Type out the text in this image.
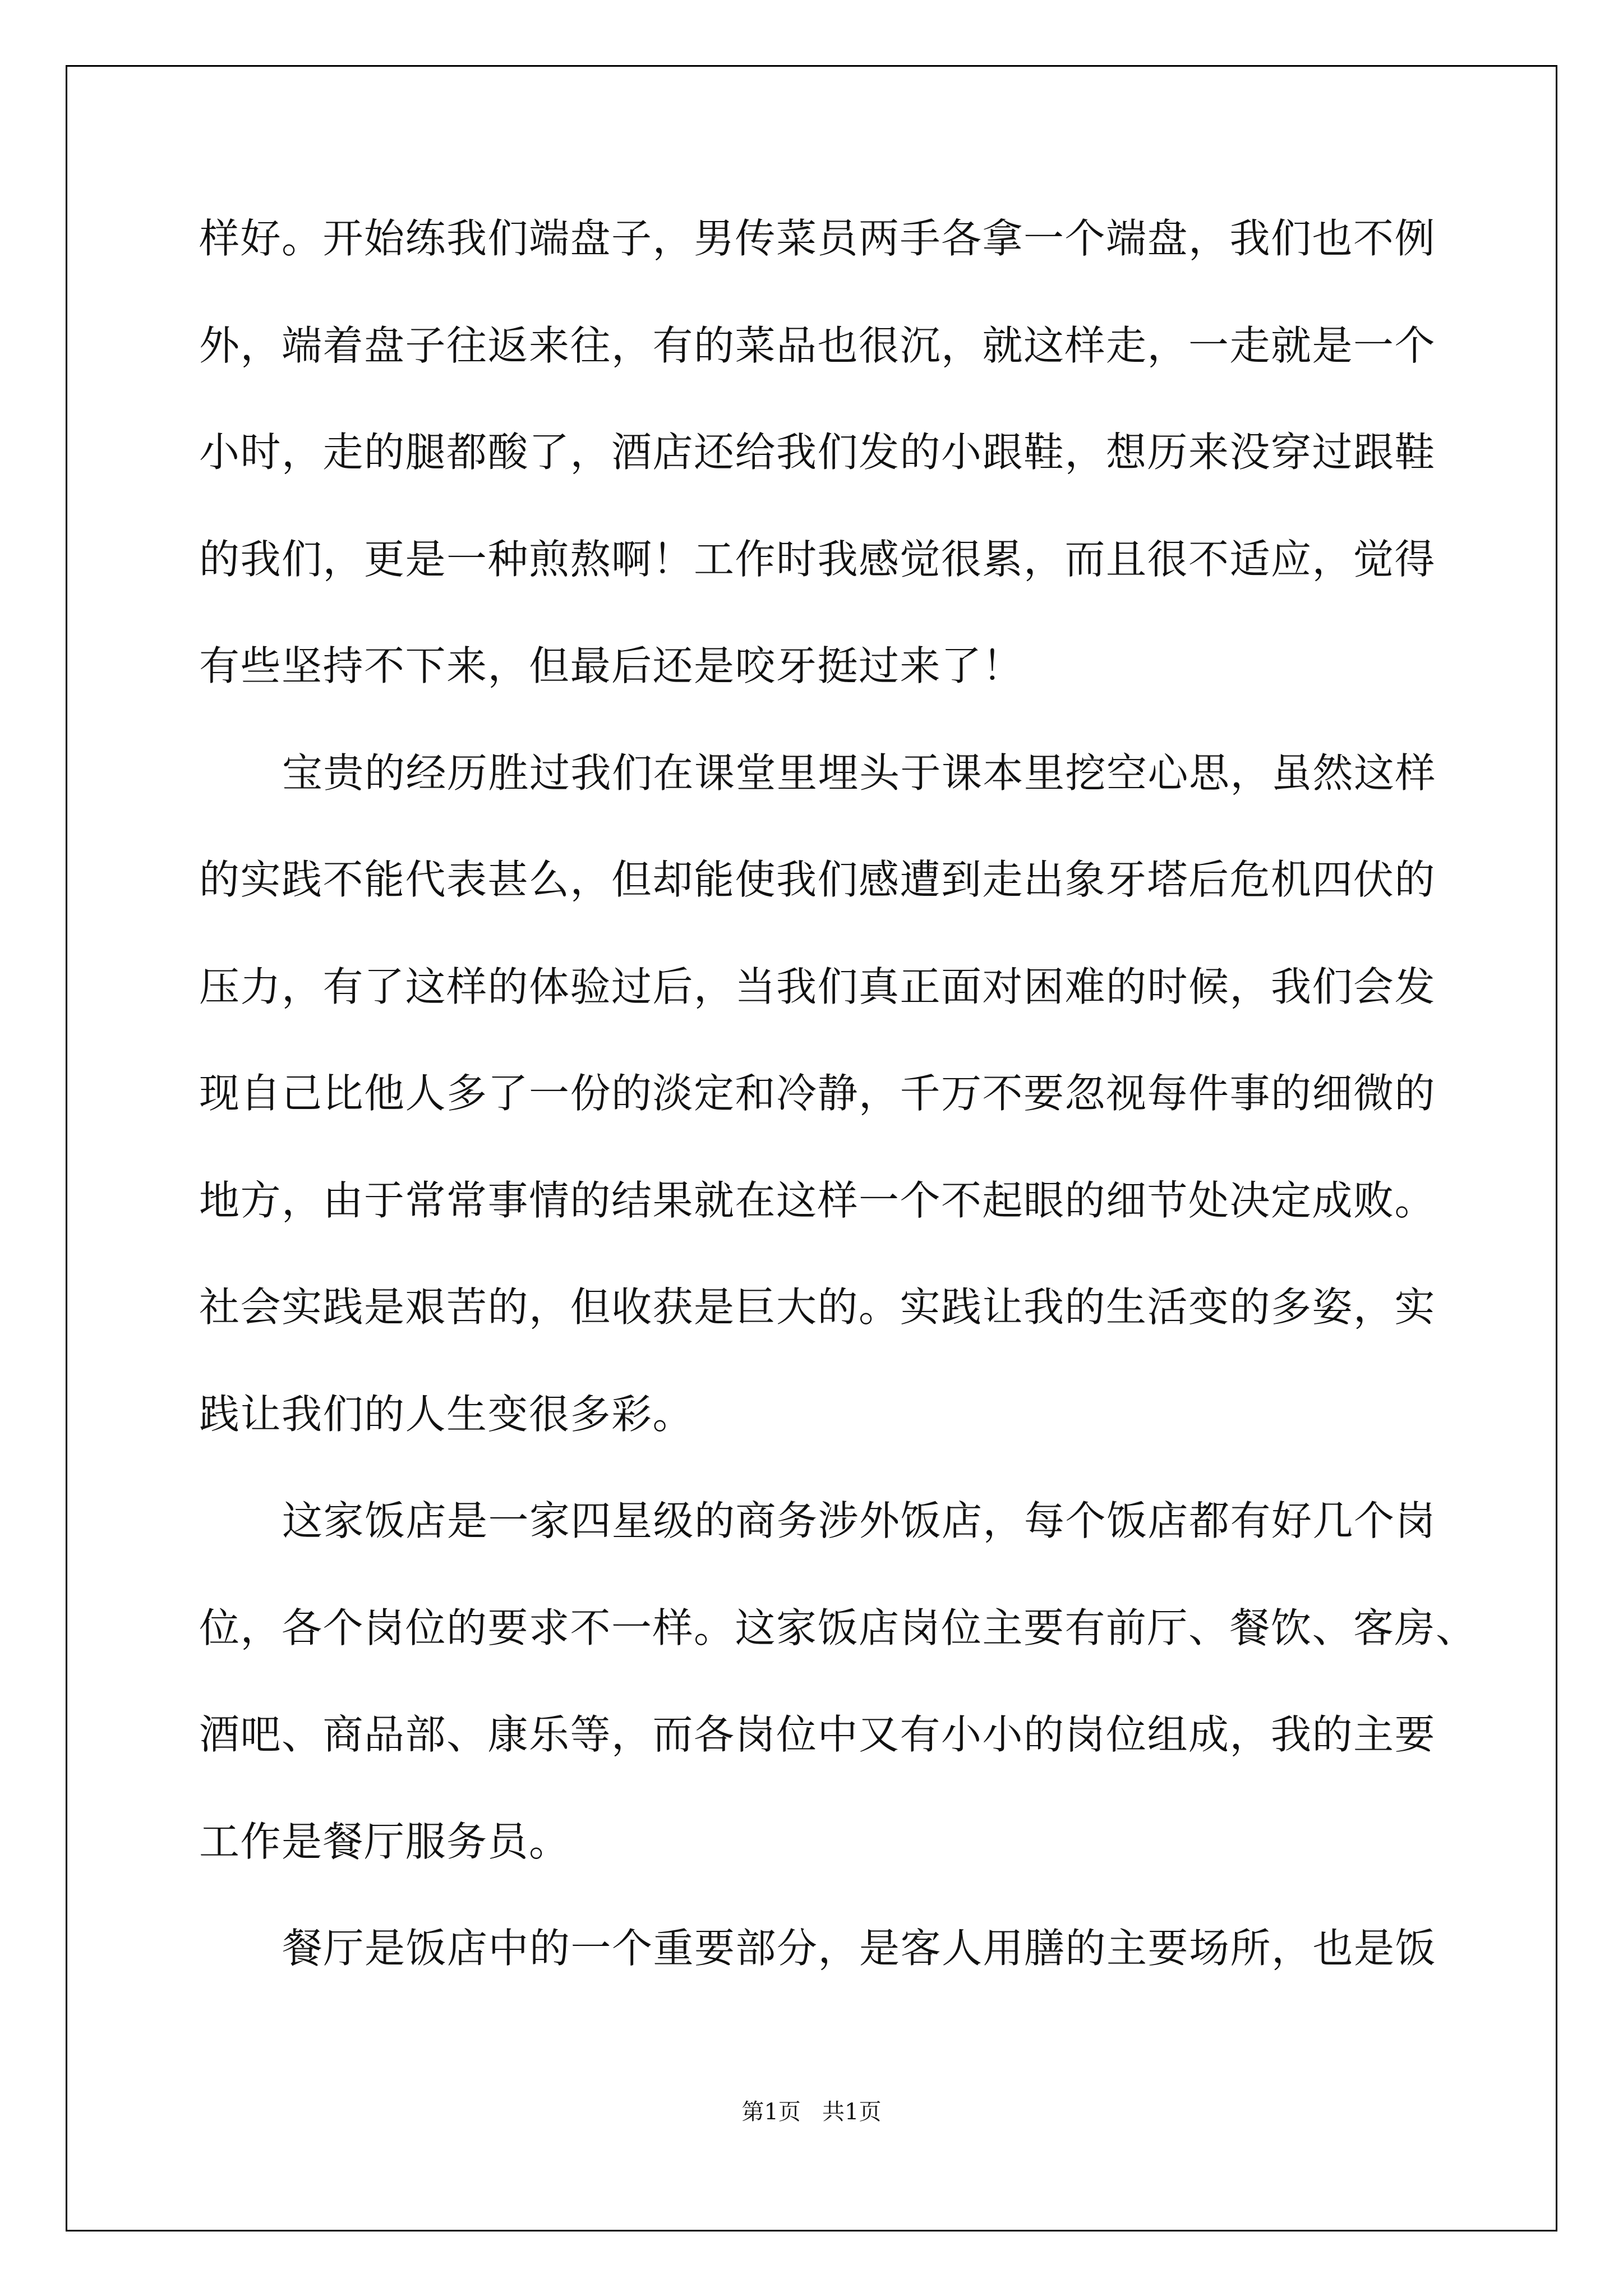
样好。开始练我们端盘子，男传菜员两手各拿一个端盘，我们也不例
外，端着盘子往返来往，有的菜品也很沉，就这样走，一走就是一个
小时，走的腿都酸了，酒店还给我们发的小跟鞋，想历来没穿过跟鞋
的我们，更是一种煎熬啊！工作时我感觉很累，而且很不适应，觉得
有些坚持不下来，但最后还是咬牙挺过来了！
宝贵的经历胜过我们在课堂里埋头于课本里挖空心思，虽然这样
的实践不能代表甚么，但却能使我们感遭到走出象牙塔后危机四伏的
压力，有了这样的体验过后，当我们真正面对困难的时候，我们会发
现自己比他人多了一份的淡定和冷静，千万不要忽视每件事的细微的
地方，由于常常事情的结果就在这样一个不起眼的细节处决定成败。
社会实践是艰苦的，但收获是巨大的。实践让我的生活变的多姿，实
践让我们的人生变很多彩。
这家饭店是一家四星级的商务涉外饭店，每个饭店都有好几个岗
位，各个岗位的要求不一样。这家饭店岗位主要有前厅、餐饮、客房、
酒吧、商品部、康乐等，而各岗位中又有小小的岗位组成，我的主要
工作是餐厅服务员。
餐厅是饭店中的一个重要部分，是客人用膳的主要场所，也是饭
第1页   共1页
